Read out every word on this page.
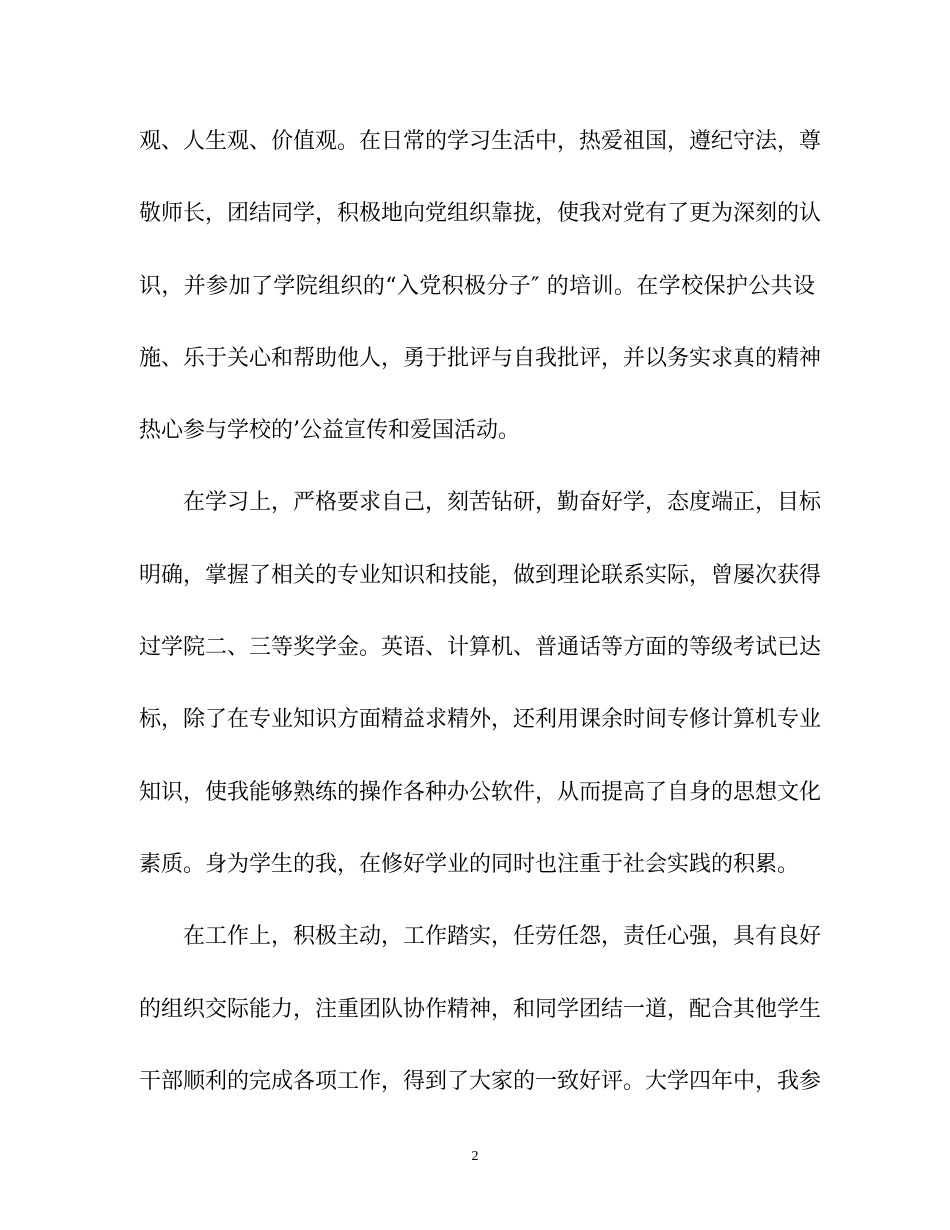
观、人生观、价值观。在日常的学习生活中，热爱祖国，遵纪守法，尊
敬师长，团结同学，积极地向党组织靠拢，使我对党有了更为深刻的认
识，并参加了学院组织的“入党积极分子″ 的培训。在学校保护公共设
施、乐于关心和帮助他人，勇于批评与自我批评，并以务实求真的精神
热心参与学校的’公益宣传和爱国活动。
在学习上，严格要求自己，刻苦钻研，勤奋好学，态度端正，目标
明确，掌握了相关的专业知识和技能，做到理论联系实际，曾屡次获得
过学院二、三等奖学金。英语、计算机、普通话等方面的等级考试已达
标，除了在专业知识方面精益求精外，还利用课余时间专修计算机专业
知识，使我能够熟练的操作各种办公软件，从而提高了自身的思想文化
素质。身为学生的我，在修好学业的同时也注重于社会实践的积累。
在工作上，积极主动，工作踏实，任劳任怨，责任心强，具有良好
的组织交际能力，注重团队协作精神，和同学团结一道，配合其他学生
干部顺利的完成各项工作，得到了大家的一致好评。大学四年中，我参
2
